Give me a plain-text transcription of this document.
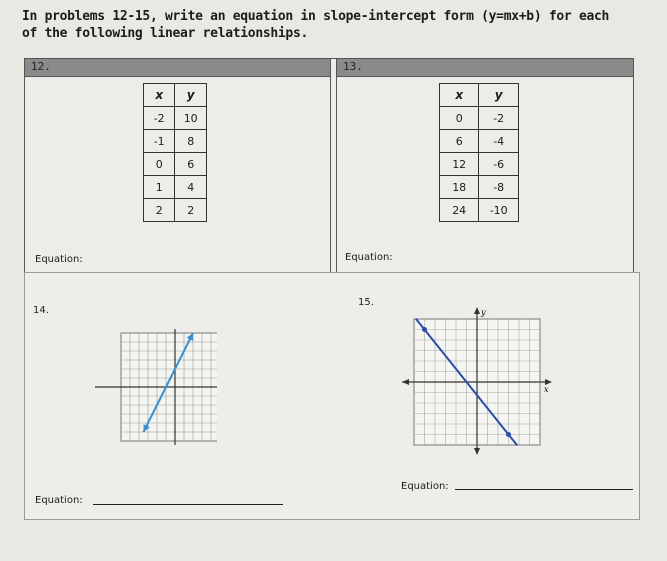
In problems 12-15, write an equation in slope-intercept form (y=mx+b) for each of the following linear relationships.
12.	13.
x	y
-2	10
-1	8
0	6
1	4
2	2
x	y
0	-2
6	-4
12	-6
18	-8
24	-10
Equation:	Equation:
14.
15.
y
x
Equation:
Equation:
